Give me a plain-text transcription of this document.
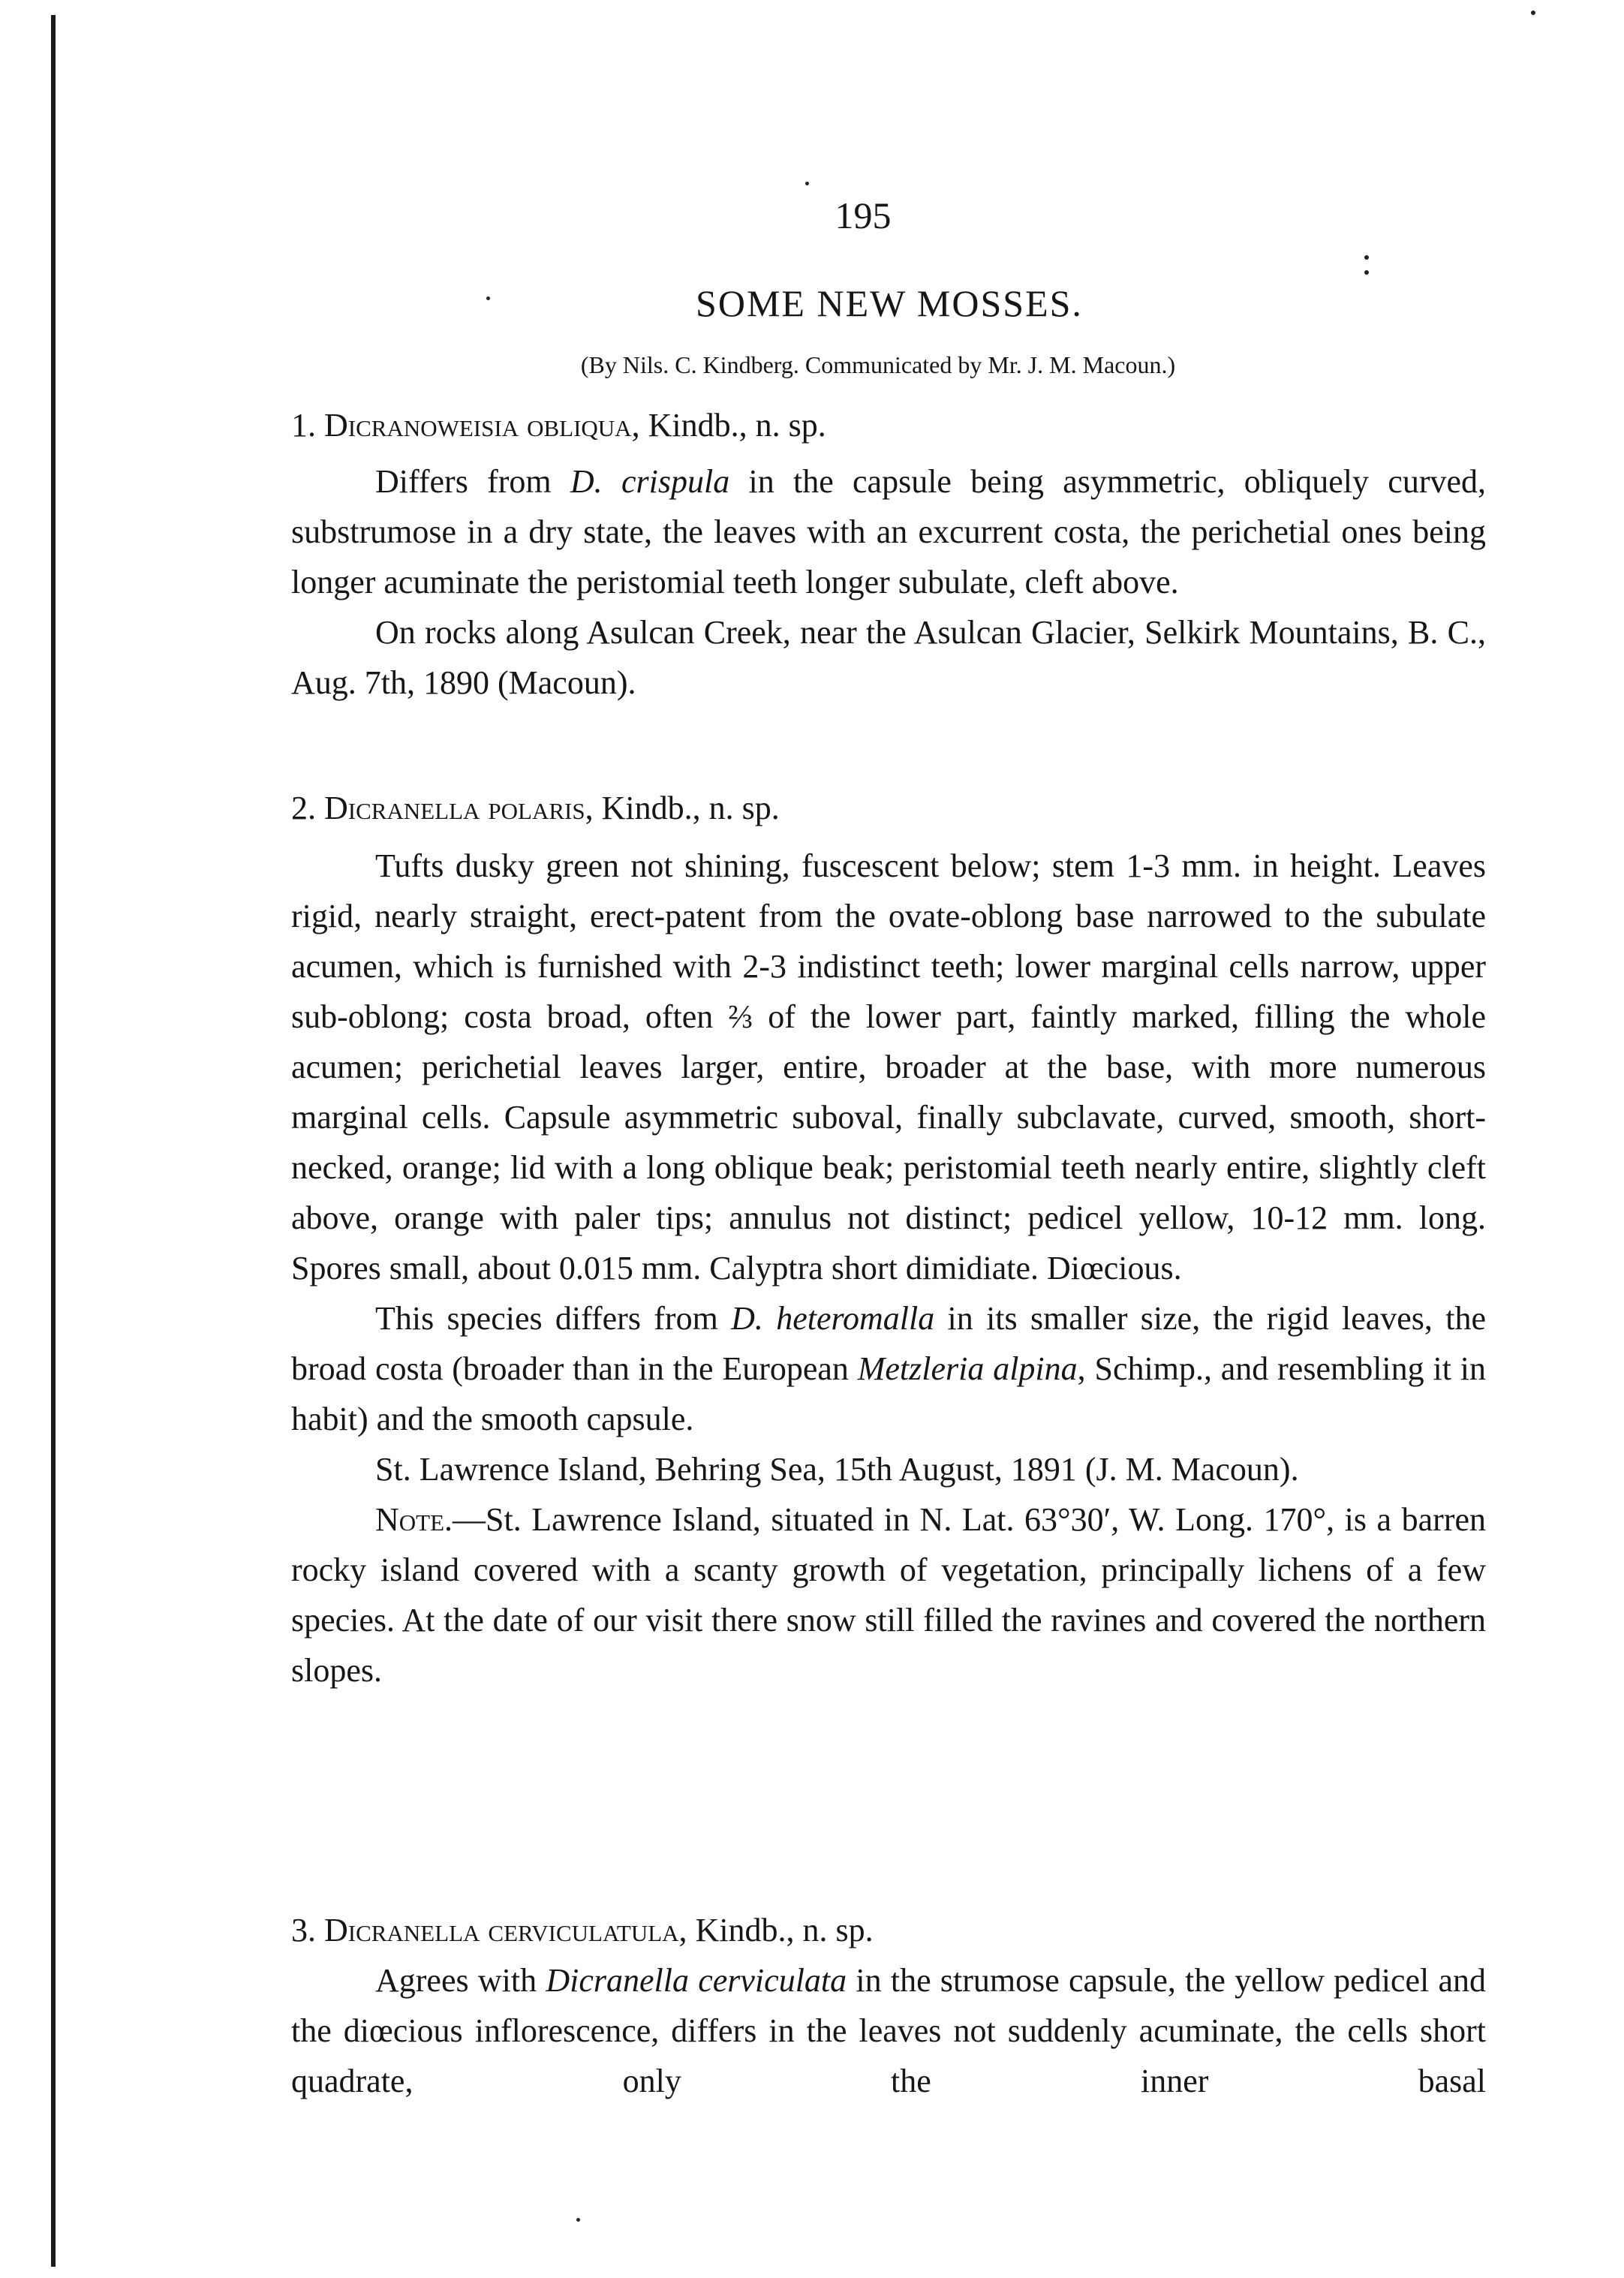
195
SOME NEW MOSSES.
(By Nils. C. Kindberg. Communicated by Mr. J. M. Macoun.)
1. Dicranoweisia obliqua, Kindb., n. sp.

Differs from D. crispula in the capsule being asymmetric, obliquely curved, substrumose in a dry state, the leaves with an excurrent costa, the perichetial ones being longer acuminate the peristomial teeth longer subulate, cleft above.

On rocks along Asulcan Creek, near the Asulcan Glacier, Selkirk Mountains, B. C., Aug. 7th, 1890 (Macoun).

2. Dicranella polaris, Kindb., n. sp.

Tufts dusky green not shining, fuscescent below; stem 1-3 mm. in height. Leaves rigid, nearly straight, erect-patent from the ovate-oblong base narrowed to the subulate acumen, which is furnished with 2-3 indistinct teeth; lower marginal cells narrow, upper sub-oblong; costa broad, often ⅔ of the lower part, faintly marked, filling the whole acumen; perichetial leaves larger, entire, broader at the base, with more numerous marginal cells. Capsule asymmetric suboval, finally subclavate, curved, smooth, short-necked, orange; lid with a long oblique beak; peristomial teeth nearly entire, slightly cleft above, orange with paler tips; annulus not distinct; pedicel yellow, 10-12 mm. long. Spores small, about 0.015 mm. Calyptra short dimidiate. Diœcious.

This species differs from D. heteromalla in its smaller size, the rigid leaves, the broad costa (broader than in the European Metzleria alpina, Schimp., and resembling it in habit) and the smooth capsule.

St. Lawrence Island, Behring Sea, 15th August, 1891 (J. M. Macoun).

Note.—St. Lawrence Island, situated in N. Lat. 63°30′, W. Long. 170°, is a barren rocky island covered with a scanty growth of vegetation, principally lichens of a few species. At the date of our visit there snow still filled the ravines and covered the northern slopes.

3. Dicranella cerviculatula, Kindb., n. sp.

Agrees with Dicranella cerviculata in the strumose capsule, the yellow pedicel and the diœcious inflorescence, differs in the leaves not suddenly acuminate, the cells short quadrate, only the inner basal
